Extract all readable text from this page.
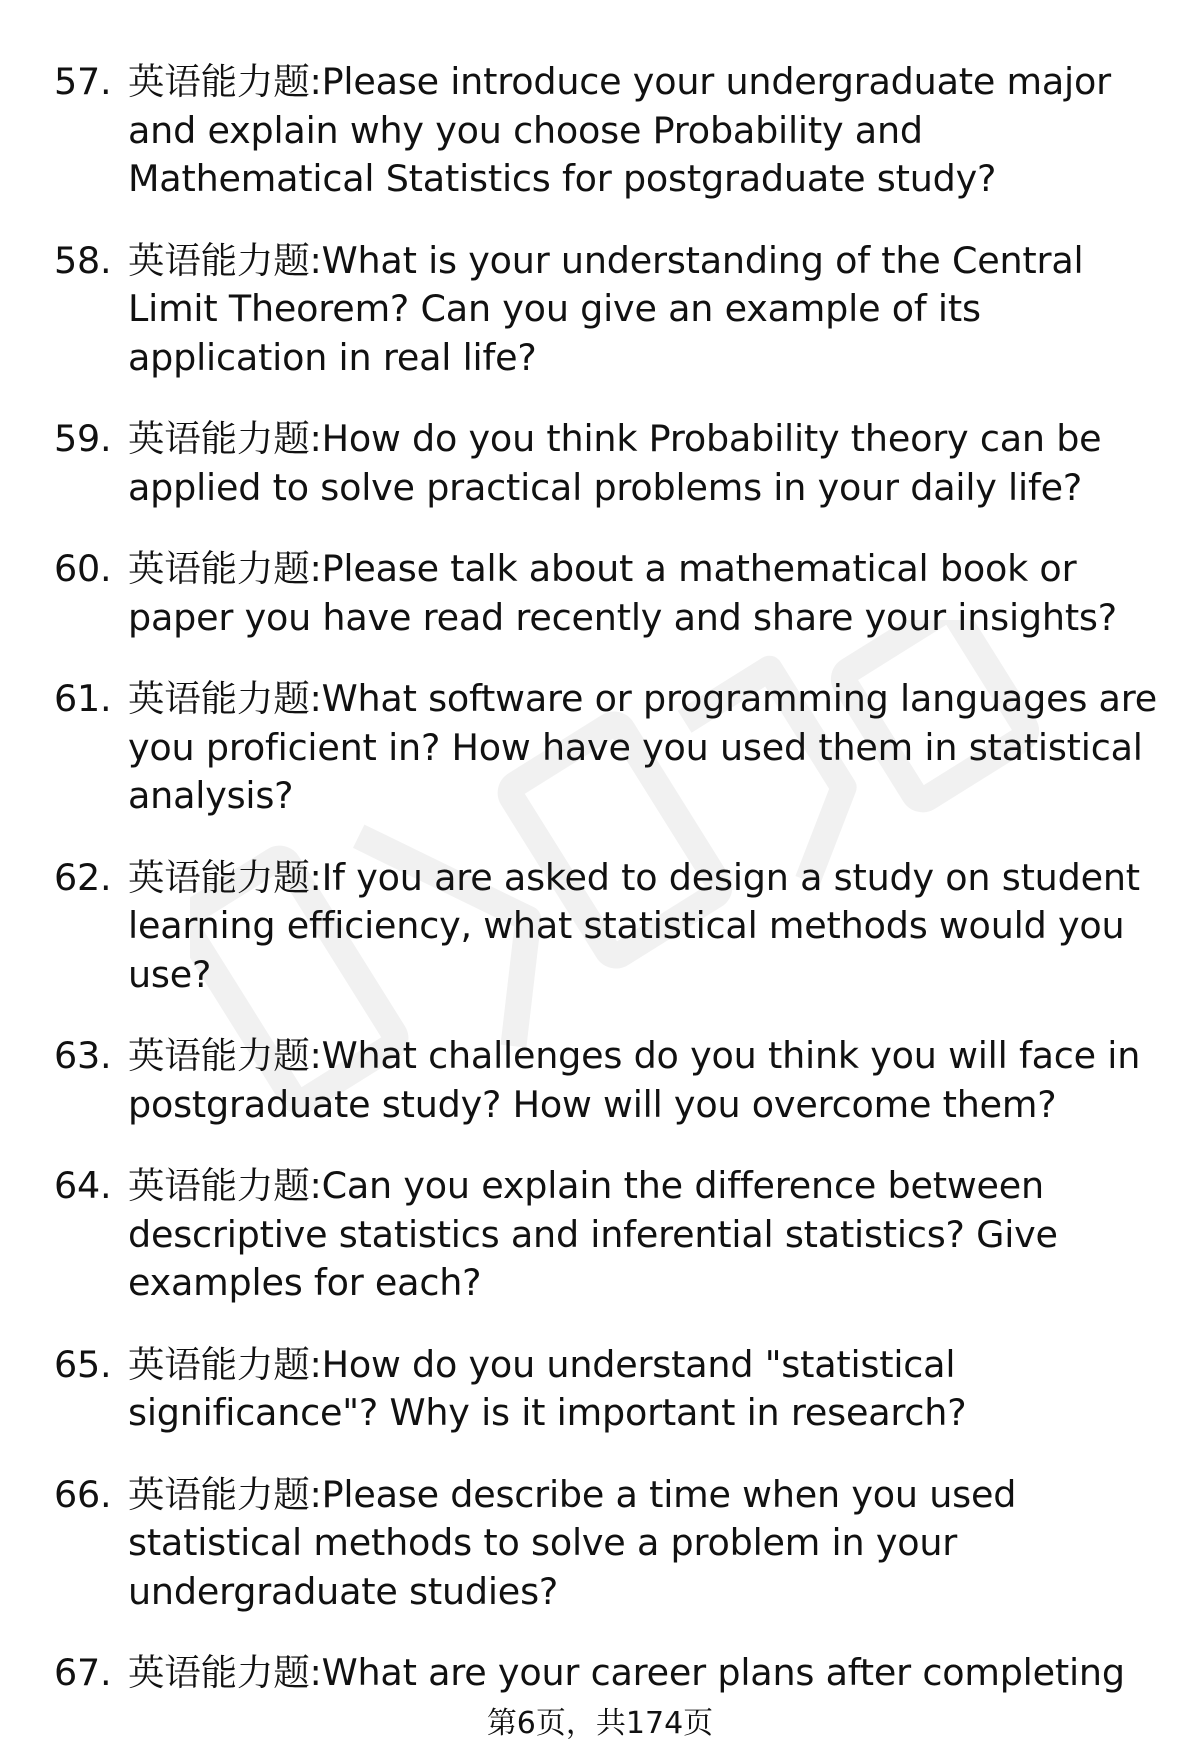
57. 英语能力题:Please introduce your undergraduate major and explain why you choose Probability and Mathematical Statistics for postgraduate study?
58. 英语能力题:What is your understanding of the Central Limit Theorem? Can you give an example of its application in real life?
59. 英语能力题:How do you think Probability theory can be applied to solve practical problems in your daily life?
60. 英语能力题:Please talk about a mathematical book or paper you have read recently and share your insights?
61. 英语能力题:What software or programming languages are you proficient in? How have you used them in statistical analysis?
62. 英语能力题:If you are asked to design a study on student learning efficiency, what statistical methods would you use?
63. 英语能力题:What challenges do you think you will face in postgraduate study? How will you overcome them?
64. 英语能力题:Can you explain the difference between descriptive statistics and inferential statistics? Give examples for each?
65. 英语能力题:How do you understand "statistical significance"? Why is it important in research?
66. 英语能力题:Please describe a time when you used statistical methods to solve a problem in your undergraduate studies?
67. 英语能力题:What are your career plans after completing
第6页，共174页
